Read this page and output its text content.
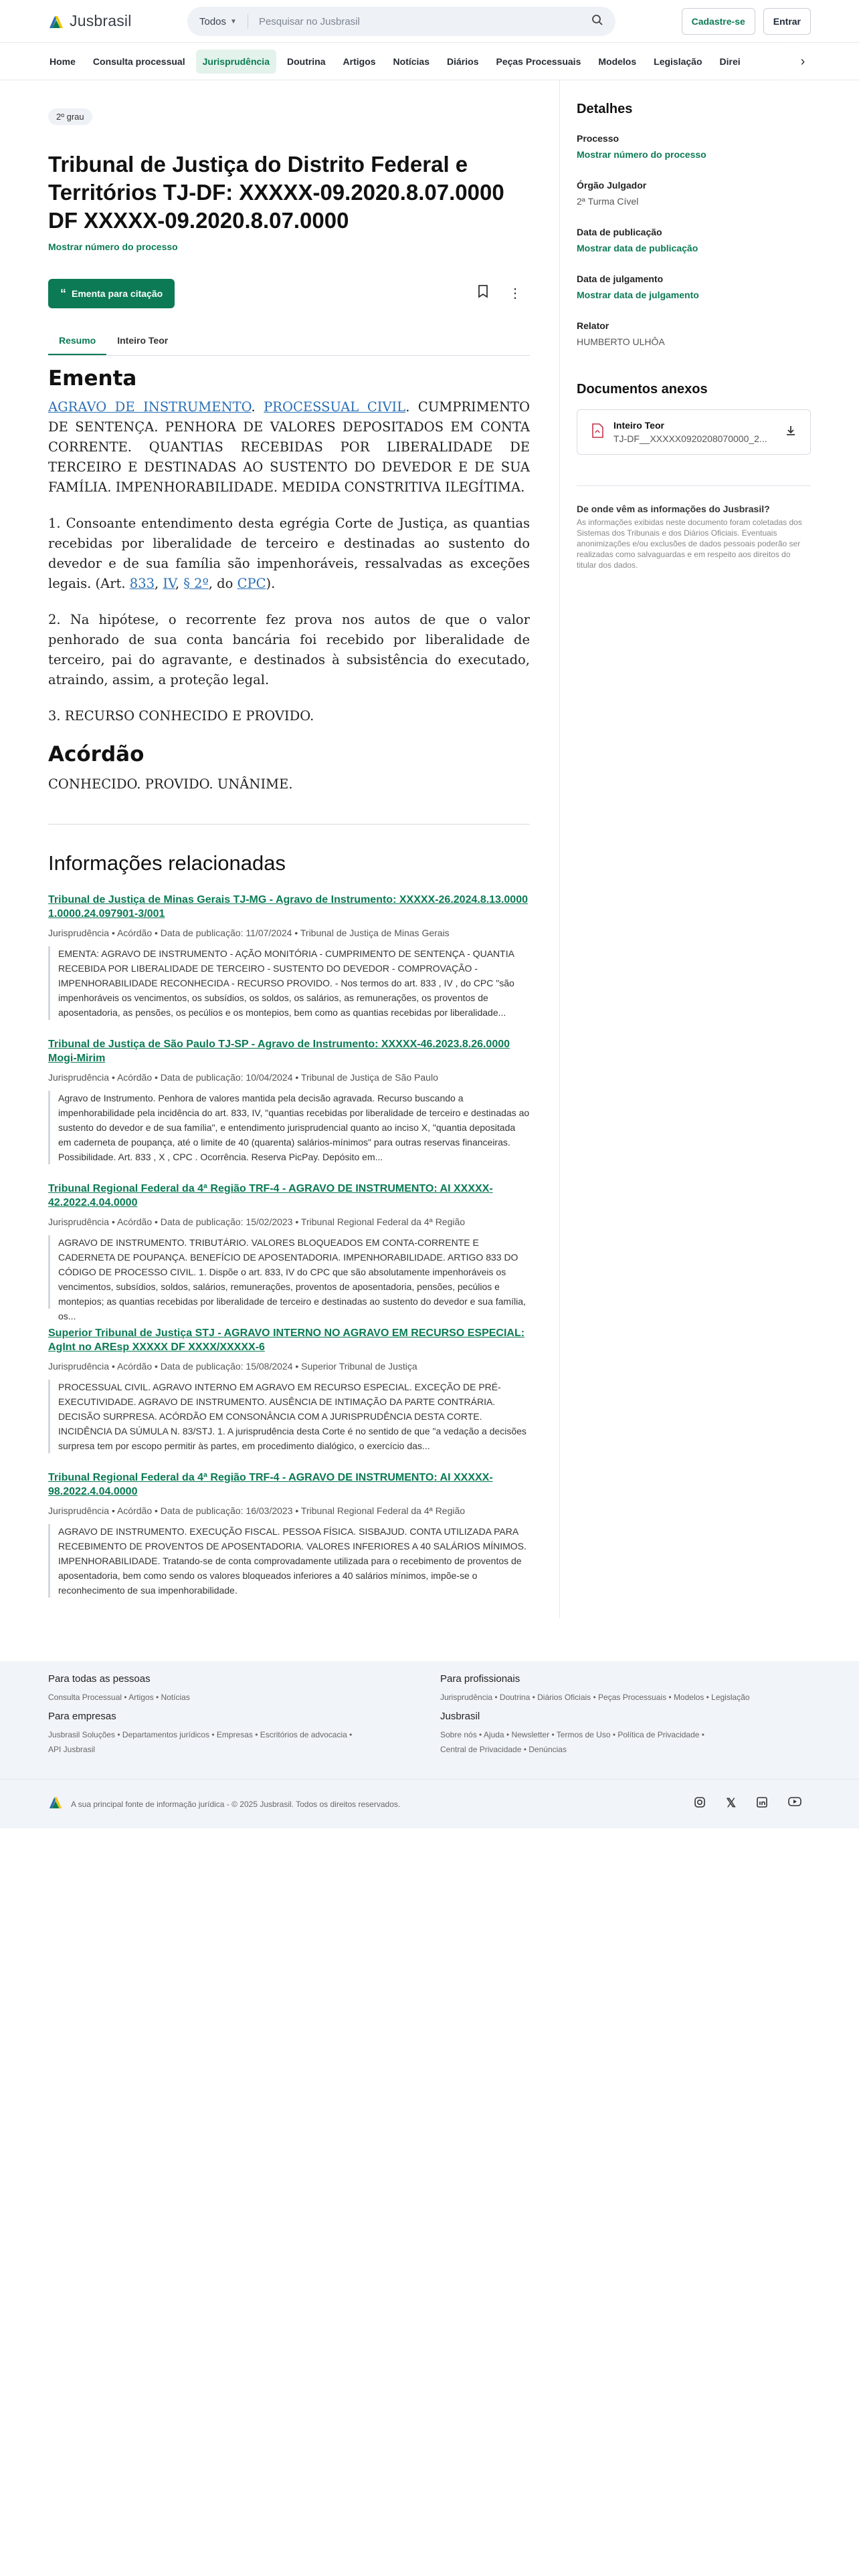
Jusbrasil	Todos ▼
Pesquisar no Jusbrasil	Cadastre-se	Entrar
Home	Consulta processual	Jurisprudência	Doutrina	Artigos	Notícias	Diários	Peças Processuais	Modelos	Legislação	Direi	›
2º grau
Tribunal de Justiça do Distrito Federal e Territórios TJ-DF: XXXXX-09.2020.8.07.0000 DF XXXXX-09.2020.8.07.0000
Mostrar número do processo
“ Ementa para citação	⋮
Resumo	Inteiro Teor
Ementa

AGRAVO DE INSTRUMENTO. PROCESSUAL CIVIL. CUMPRIMENTO DE SENTENÇA. PENHORA DE VALORES DEPOSITADOS EM CONTA CORRENTE. QUANTIAS RECEBIDAS POR LIBERALIDADE DE TERCEIRO E DESTINADAS AO SUSTENTO DO DEVEDOR E DE SUA FAMÍLIA. IMPENHORABILIDADE. MEDIDA CONSTRITIVA ILEGÍTIMA.

1. Consoante entendimento desta egrégia Corte de Justiça, as quantias recebidas por liberalidade de terceiro e destinadas ao sustento do devedor e de sua família são impenhoráveis, ressalvadas as exceções legais. (Art. 833, IV, § 2º, do CPC).

2. Na hipótese, o recorrente fez prova nos autos de que o valor penhorado de sua conta bancária foi recebido por liberalidade de terceiro, pai do agravante, e destinados à subsistência do executado, atraindo, assim, a proteção legal.

3. RECURSO CONHECIDO E PROVIDO.

Acórdão
CONHECIDO. PROVIDO. UNÂNIME.
Informações relacionadas
Tribunal de Justiça de Minas Gerais TJ-MG - Agravo de Instrumento: XXXXX-26.2024.8.13.0000 1.0000.24.097901-3/001
Jurisprudência • Acórdão • Data de publicação: 11/07/2024 • Tribunal de Justiça de Minas Gerais
EMENTA: AGRAVO DE INSTRUMENTO - AÇÃO MONITÓRIA - CUMPRIMENTO DE SENTENÇA - QUANTIA RECEBIDA POR LIBERALIDADE DE TERCEIRO - SUSTENTO DO DEVEDOR - COMPROVAÇÃO - IMPENHORABILIDADE RECONHECIDA - RECURSO PROVIDO. - Nos termos do art. 833 , IV , do CPC "são impenhoráveis os vencimentos, os subsídios, os soldos, os salários, as remunerações, os proventos de aposentadoria, as pensões, os pecúlios e os montepios, bem como as quantias recebidas por liberalidade...
Tribunal de Justiça de São Paulo TJ-SP - Agravo de Instrumento: XXXXX-46.2023.8.26.0000 Mogi-Mirim
Jurisprudência • Acórdão • Data de publicação: 10/04/2024 • Tribunal de Justiça de São Paulo
Agravo de Instrumento. Penhora de valores mantida pela decisão agravada. Recurso buscando a impenhorabilidade pela incidência do art. 833, IV, "quantias recebidas por liberalidade de terceiro e destinadas ao sustento do devedor e de sua família", e entendimento jurisprudencial quanto ao inciso X, "quantia depositada em caderneta de poupança, até o limite de 40 (quarenta) salários-mínimos" para outras reservas financeiras. Possibilidade. Art. 833 , X , CPC . Ocorrência. Reserva PicPay. Depósito em...
Tribunal Regional Federal da 4ª Região TRF-4 - AGRAVO DE INSTRUMENTO: AI XXXXX-42.2022.4.04.0000
Jurisprudência • Acórdão • Data de publicação: 15/02/2023 • Tribunal Regional Federal da 4ª Região
AGRAVO DE INSTRUMENTO. TRIBUTÁRIO. VALORES BLOQUEADOS EM CONTA-CORRENTE E CADERNETA DE POUPANÇA. BENEFÍCIO DE APOSENTADORIA. IMPENHORABILIDADE. ARTIGO 833 DO CÓDIGO DE PROCESSO CIVIL. 1. Dispõe o art. 833, IV do CPC que são absolutamente impenhoráveis os vencimentos, subsídios, soldos, salários, remunerações, proventos de aposentadoria, pensões, pecúlios e montepios; as quantias recebidas por liberalidade de terceiro e destinadas ao sustento do devedor e sua família, os...
Superior Tribunal de Justiça STJ - AGRAVO INTERNO NO AGRAVO EM RECURSO ESPECIAL: AgInt no AREsp XXXXX DF XXXX/XXXXX-6
Jurisprudência • Acórdão • Data de publicação: 15/08/2024 • Superior Tribunal de Justiça
PROCESSUAL CIVIL. AGRAVO INTERNO EM AGRAVO EM RECURSO ESPECIAL. EXCEÇÃO DE PRÉ-EXECUTIVIDADE. AGRAVO DE INSTRUMENTO. AUSÊNCIA DE INTIMAÇÃO DA PARTE CONTRÁRIA. DECISÃO SURPRESA. ACÓRDÃO EM CONSONÂNCIA COM A JURISPRUDÊNCIA DESTA CORTE. INCIDÊNCIA DA SÚMULA N. 83/STJ. 1. A jurisprudência desta Corte é no sentido de que "a vedação a decisões surpresa tem por escopo permitir às partes, em procedimento dialógico, o exercício das...
Tribunal Regional Federal da 4ª Região TRF-4 - AGRAVO DE INSTRUMENTO: AI XXXXX-98.2022.4.04.0000
Jurisprudência • Acórdão • Data de publicação: 16/03/2023 • Tribunal Regional Federal da 4ª Região
AGRAVO DE INSTRUMENTO. EXECUÇÃO FISCAL. PESSOA FÍSICA. SISBAJUD. CONTA UTILIZADA PARA RECEBIMENTO DE PROVENTOS DE APOSENTADORIA. VALORES INFERIORES A 40 SALÁRIOS MÍNIMOS. IMPENHORABILIDADE. Tratando-se de conta comprovadamente utilizada para o recebimento de proventos de aposentadoria, bem como sendo os valores bloqueados inferiores a 40 salários mínimos, impõe-se o reconhecimento de sua impenhorabilidade.
Detalhes
Processo
Mostrar número do processo
Órgão Julgador
2ª Turma Cível
Data de publicação
Mostrar data de publicação
Data de julgamento
Mostrar data de julgamento
Relator
HUMBERTO ULHÔA
Documentos anexos
Inteiro Teor
TJ-DF__XXXXX0920208070000_2...
De onde vêm as informações do Jusbrasil?
As informações exibidas neste documento foram coletadas dos Sistemas dos Tribunais e dos Diários Oficiais. Eventuais anonimizações e/ou exclusões de dados pessoais poderão ser realizadas como salvaguardas e em respeito aos direitos do titular dos dados.
Para todas as pessoas
Consulta Processual • Artigos • Notícias
Para profissionais
Jurisprudência • Doutrina • Diários Oficiais • Peças Processuais • Modelos • Legislação
Para empresas
Jusbrasil Soluções • Departamentos jurídicos • Empresas • Escritórios de advocacia •
API Jusbrasil
Jusbrasil
Sobre nós • Ajuda • Newsletter • Termos de Uso • Política de Privacidade •
Central de Privacidade • Denúncias
A sua principal fonte de informação jurídica - © 2025 Jusbrasil. Todos os direitos reservados.	𝕏
